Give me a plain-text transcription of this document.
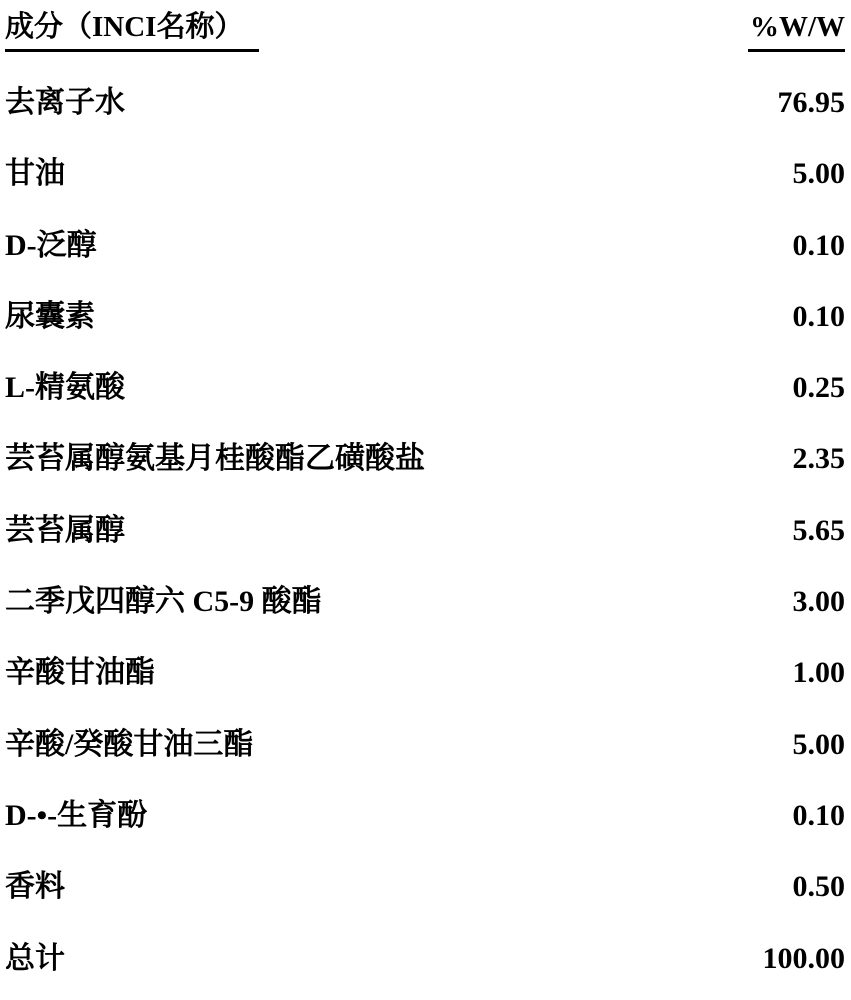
成分（INCI名称）	%W/W
去离子水	76.95
甘油	5.00
D-泛醇	0.10
尿囊素	0.10
L-精氨酸	0.25
芸苔属醇氨基月桂酸酯乙磺酸盐	2.35
芸苔属醇	5.65
二季戊四醇六 C5-9 酸酯	3.00
辛酸甘油酯	1.00
辛酸/癸酸甘油三酯	5.00
D-•-生育酚	0.10
香料	0.50
总计	100.00
